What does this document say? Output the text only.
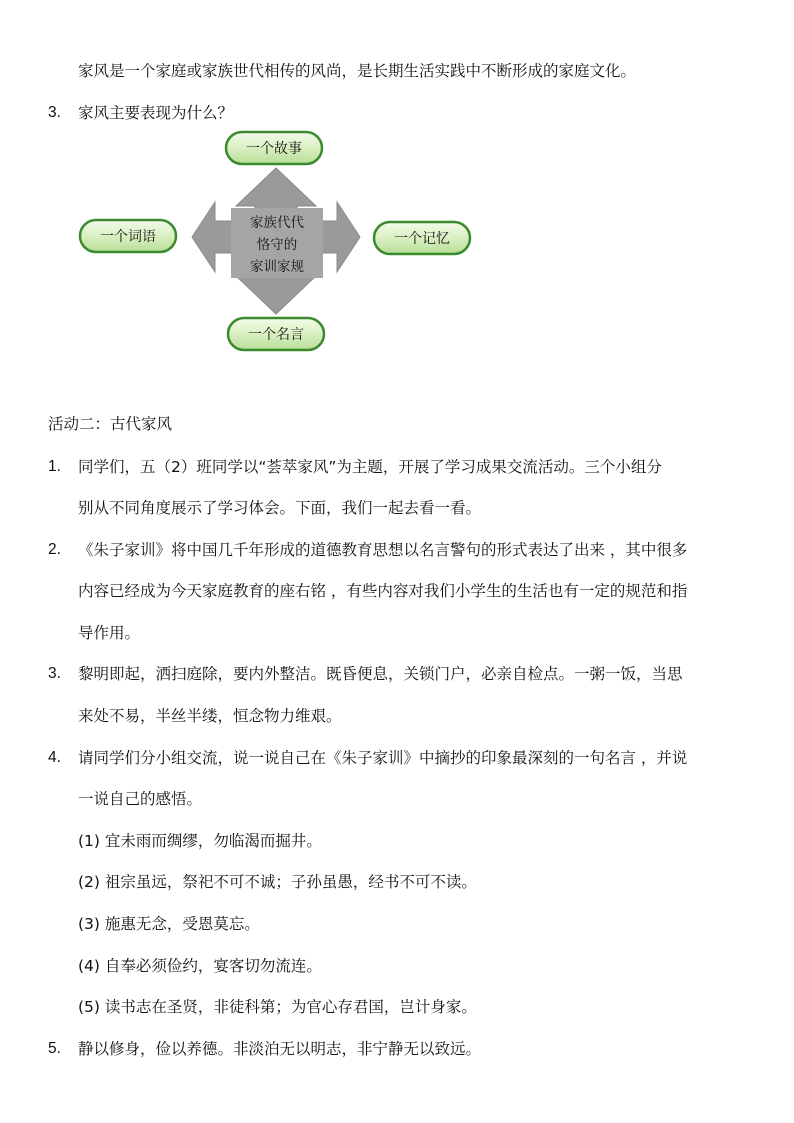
家风是一个家庭或家族世代相传的风尚，是长期生活实践中不断形成的家庭文化。
3. 家风主要表现为什么？
家族代代
恪守的
家训家规
一个故事
一个词语	一个记忆
一个名言
活动二：古代家风
1. 同学们，五（2）班同学以“荟萃家风”为主题，开展了学习成果交流活动。三个小组分
别从不同角度展示了学习体会。下面，我们一起去看一看。
2. 《朱子家训》将中国几千年形成的道德教育思想以名言警句的形式表达了出来 ，其中很多
内容已经成为今天家庭教育的座右铭 ，有些内容对我们小学生的生活也有一定的规范和指
导作用。
3. 黎明即起，洒扫庭除，要内外整洁。既昏便息，关锁门户，必亲自检点。一粥一饭，当思
来处不易，半丝半缕，恒念物力维艰。
4. 请同学们分小组交流，说一说自己在《朱子家训》中摘抄的印象最深刻的一句名言 ，并说
一说自己的感悟。
(1) 宜未雨而绸缪，勿临渴而掘井。
(2) 祖宗虽远，祭祀不可不诚；子孙虽愚，经书不可不读。
(3) 施惠无念，受恩莫忘。
(4) 自奉必须俭约，宴客切勿流连。
(5) 读书志在圣贤，非徒科第；为官心存君国，岂计身家。
5. 静以修身，俭以养德。非淡泊无以明志，非宁静无以致远。
